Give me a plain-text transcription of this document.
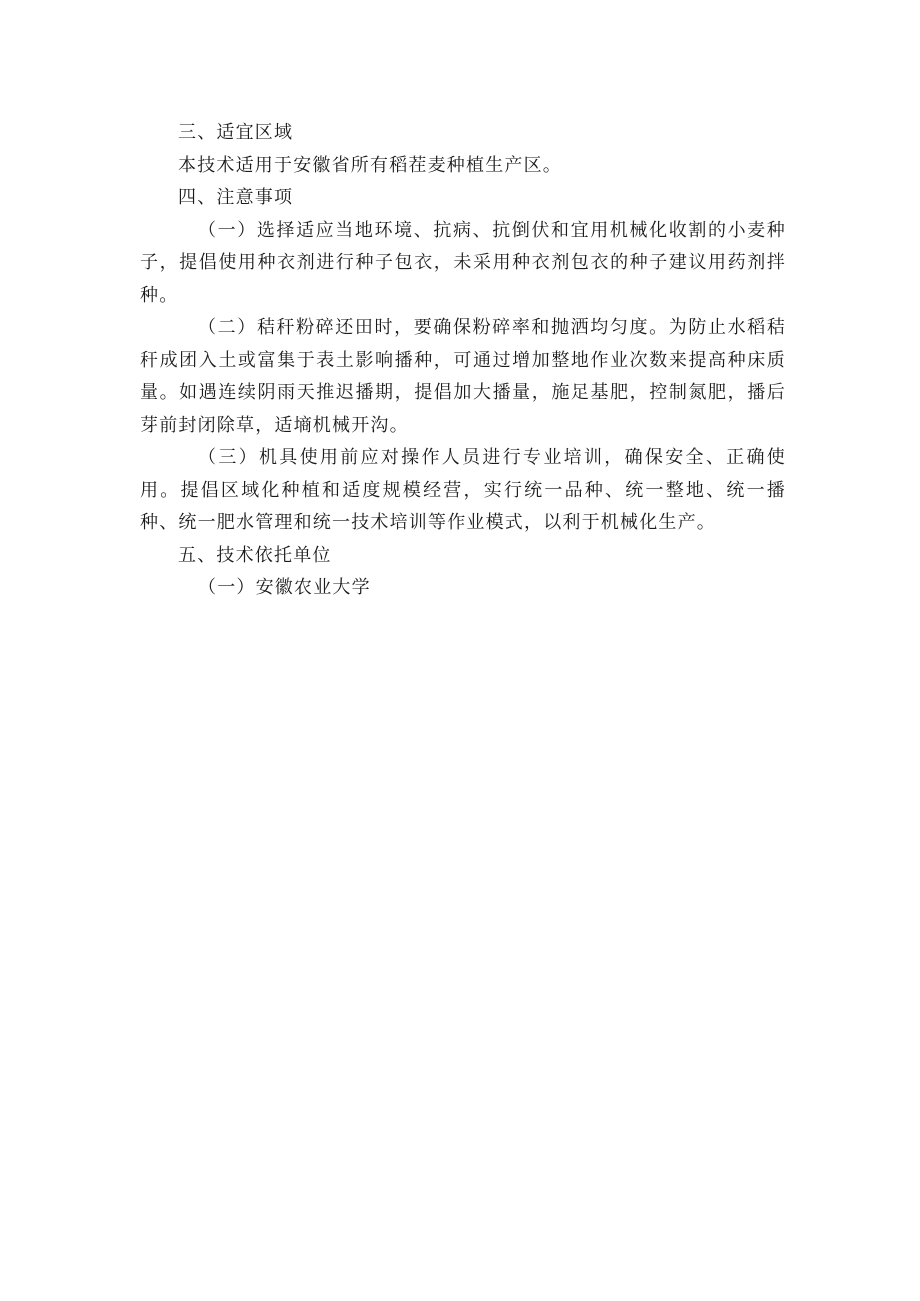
三、适宜区域

本技术适用于安徽省所有稻茬麦种植生产区。

四、注意事项

（一）选择适应当地环境、抗病、抗倒伏和宜用机械化收割的小麦种子，提倡使用种衣剂进行种子包衣，未采用种衣剂包衣的种子建议用药剂拌种。

（二）秸秆粉碎还田时，要确保粉碎率和抛洒均匀度。为防止水稻秸秆成团入土或富集于表土影响播种，可通过增加整地作业次数来提高种床质量。如遇连续阴雨天推迟播期，提倡加大播量，施足基肥，控制氮肥，播后芽前封闭除草，适墒机械开沟。

（三）机具使用前应对操作人员进行专业培训，确保安全、正确使用。提倡区域化种植和适度规模经营，实行统一品种、统一整地、统一播种、统一肥水管理和统一技术培训等作业模式，以利于机械化生产。

五、技术依托单位

（一）安徽农业大学
